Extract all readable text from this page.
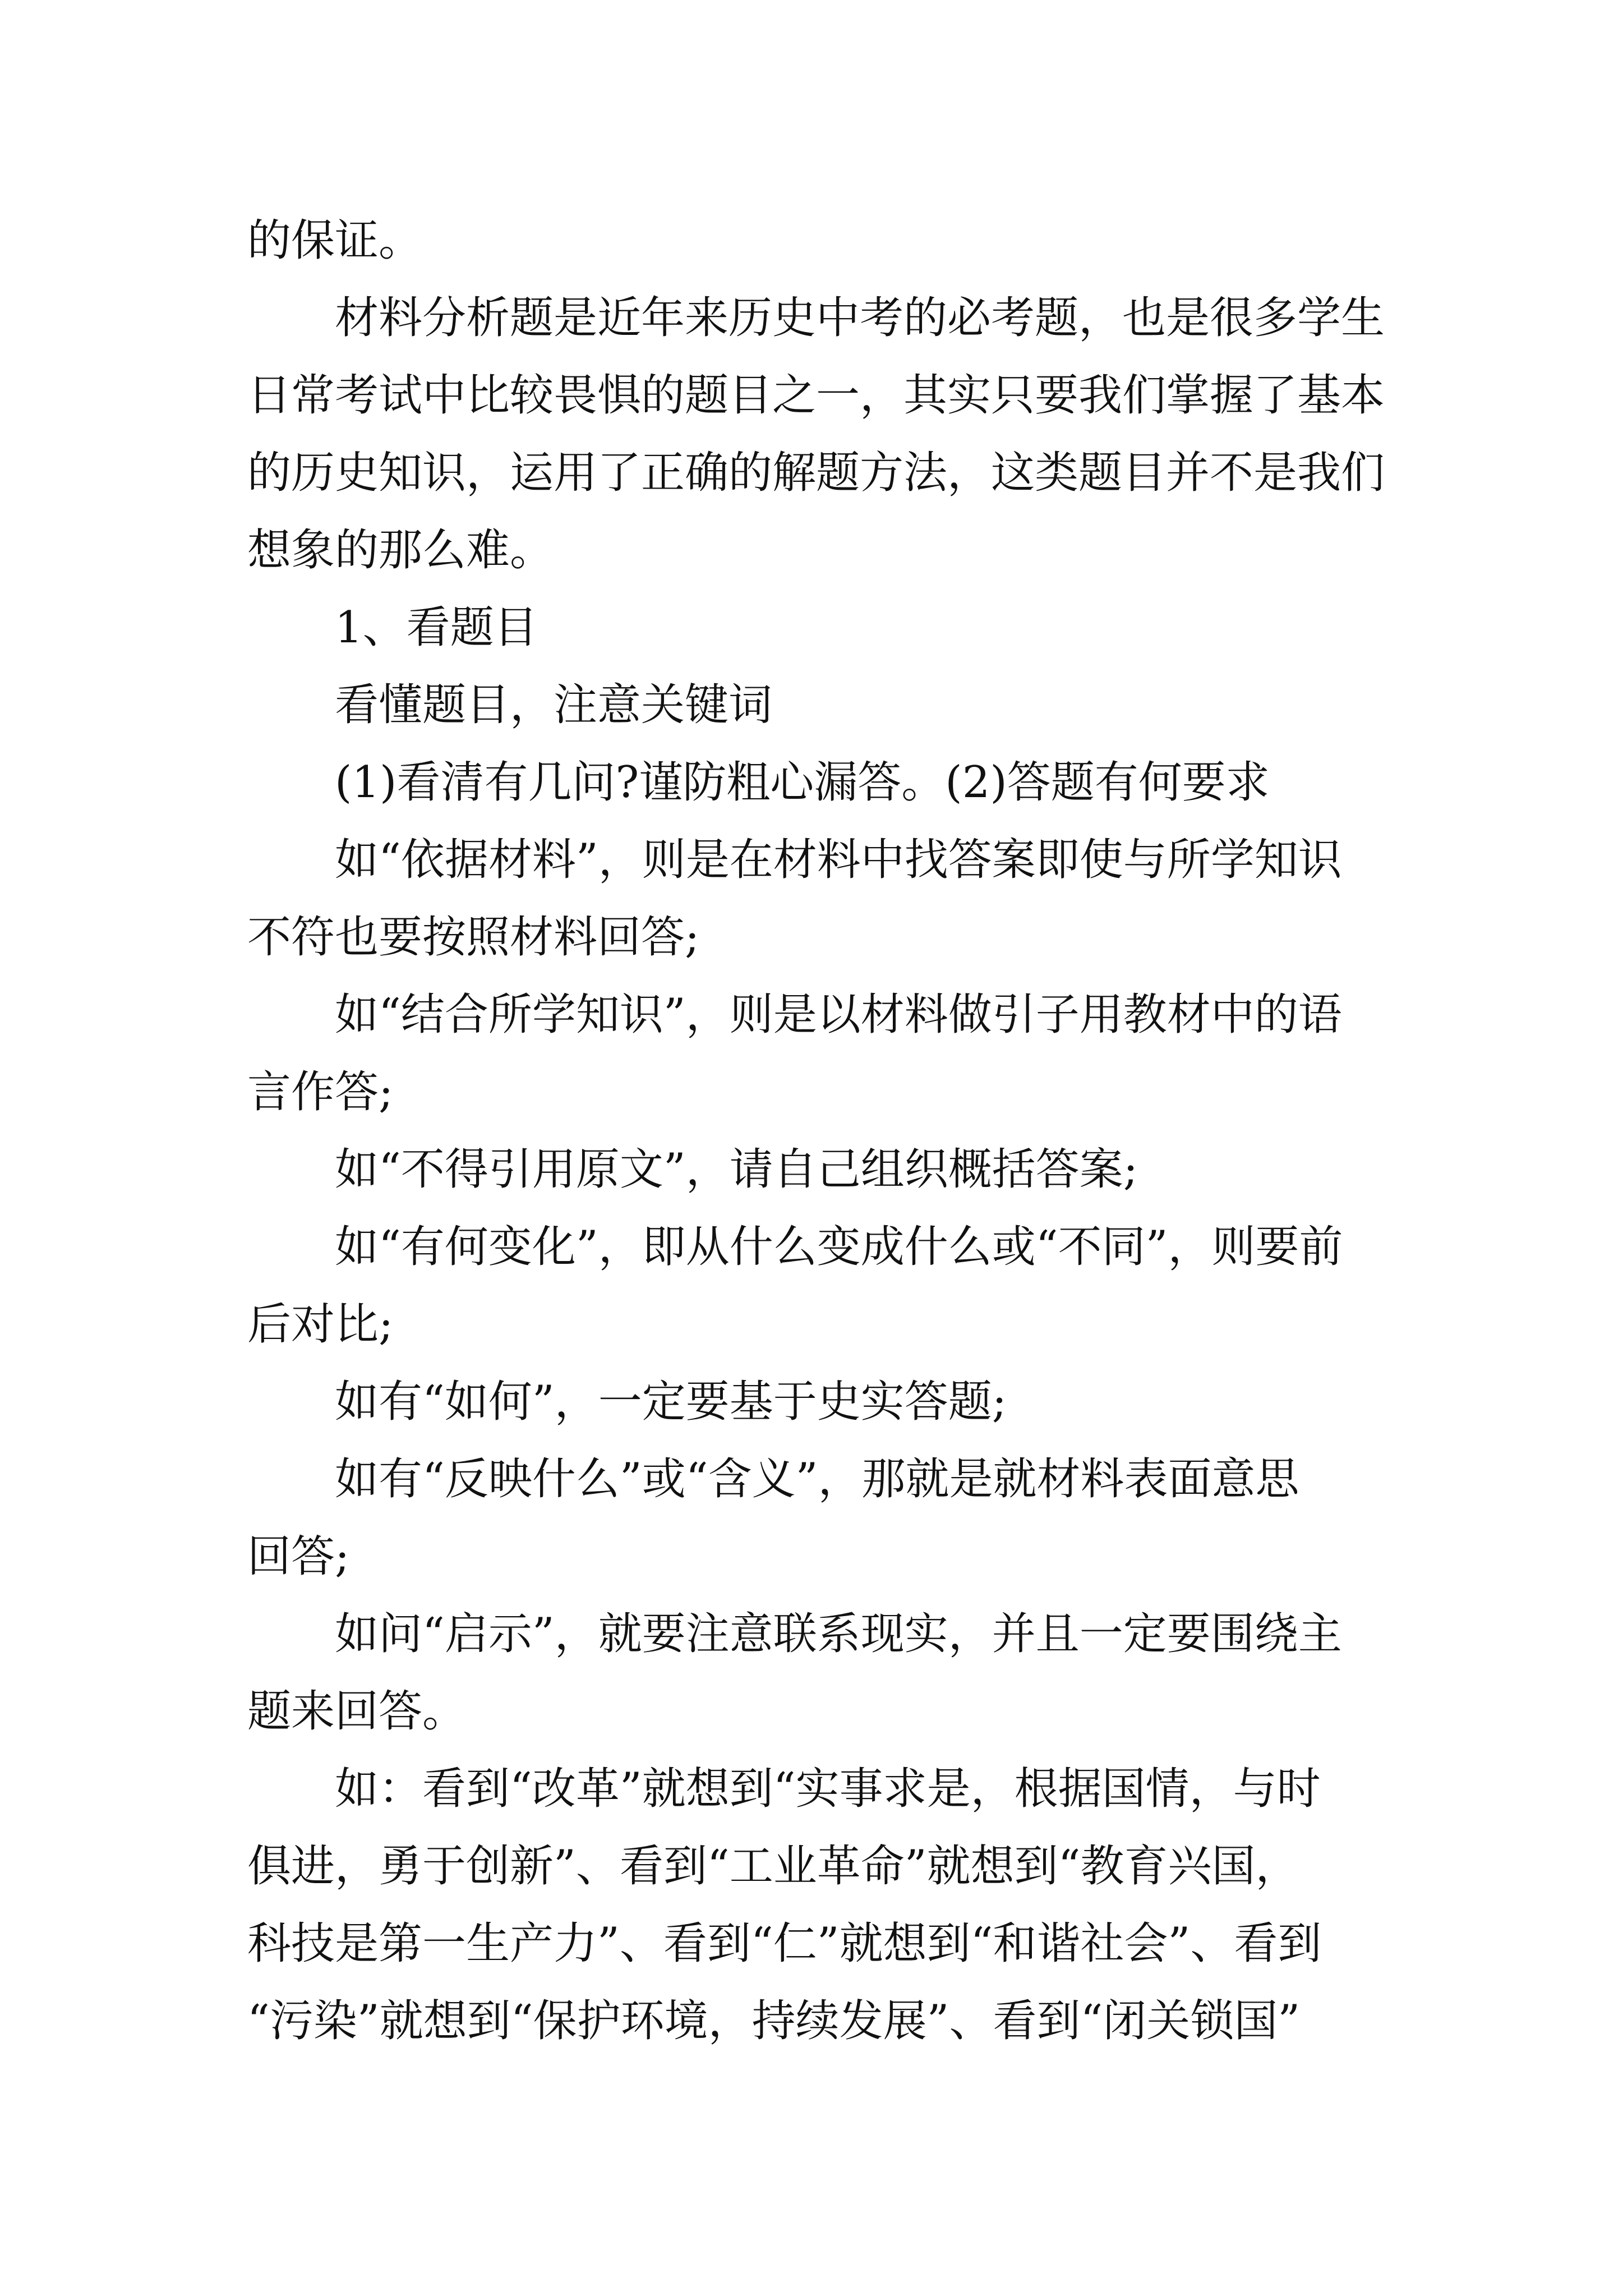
的保证。
材料分析题是近年来历史中考的必考题，也是很多学生
日常考试中比较畏惧的题目之一，其实只要我们掌握了基本
的历史知识，运用了正确的解题方法，这类题目并不是我们
想象的那么难。
1、看题目
看懂题目，注意关键词
(1)看清有几问?谨防粗心漏答。(2)答题有何要求
如“依据材料”，则是在材料中找答案即使与所学知识
不符也要按照材料回答;
如“结合所学知识”，则是以材料做引子用教材中的语
言作答;
如“不得引用原文”，请自己组织概括答案;
如“有何变化”，即从什么变成什么或“不同”，则要前
后对比;
如有“如何”，一定要基于史实答题;
如有“反映什么”或“含义”，那就是就材料表面意思
回答;
如问“启示”，就要注意联系现实，并且一定要围绕主
题来回答。
如：看到“改革”就想到“实事求是，根据国情，与时
俱进，勇于创新”、看到“工业革命”就想到“教育兴国，
科技是第一生产力”、看到“仁”就想到“和谐社会”、看到
“污染”就想到“保护环境，持续发展”、看到“闭关锁国”
